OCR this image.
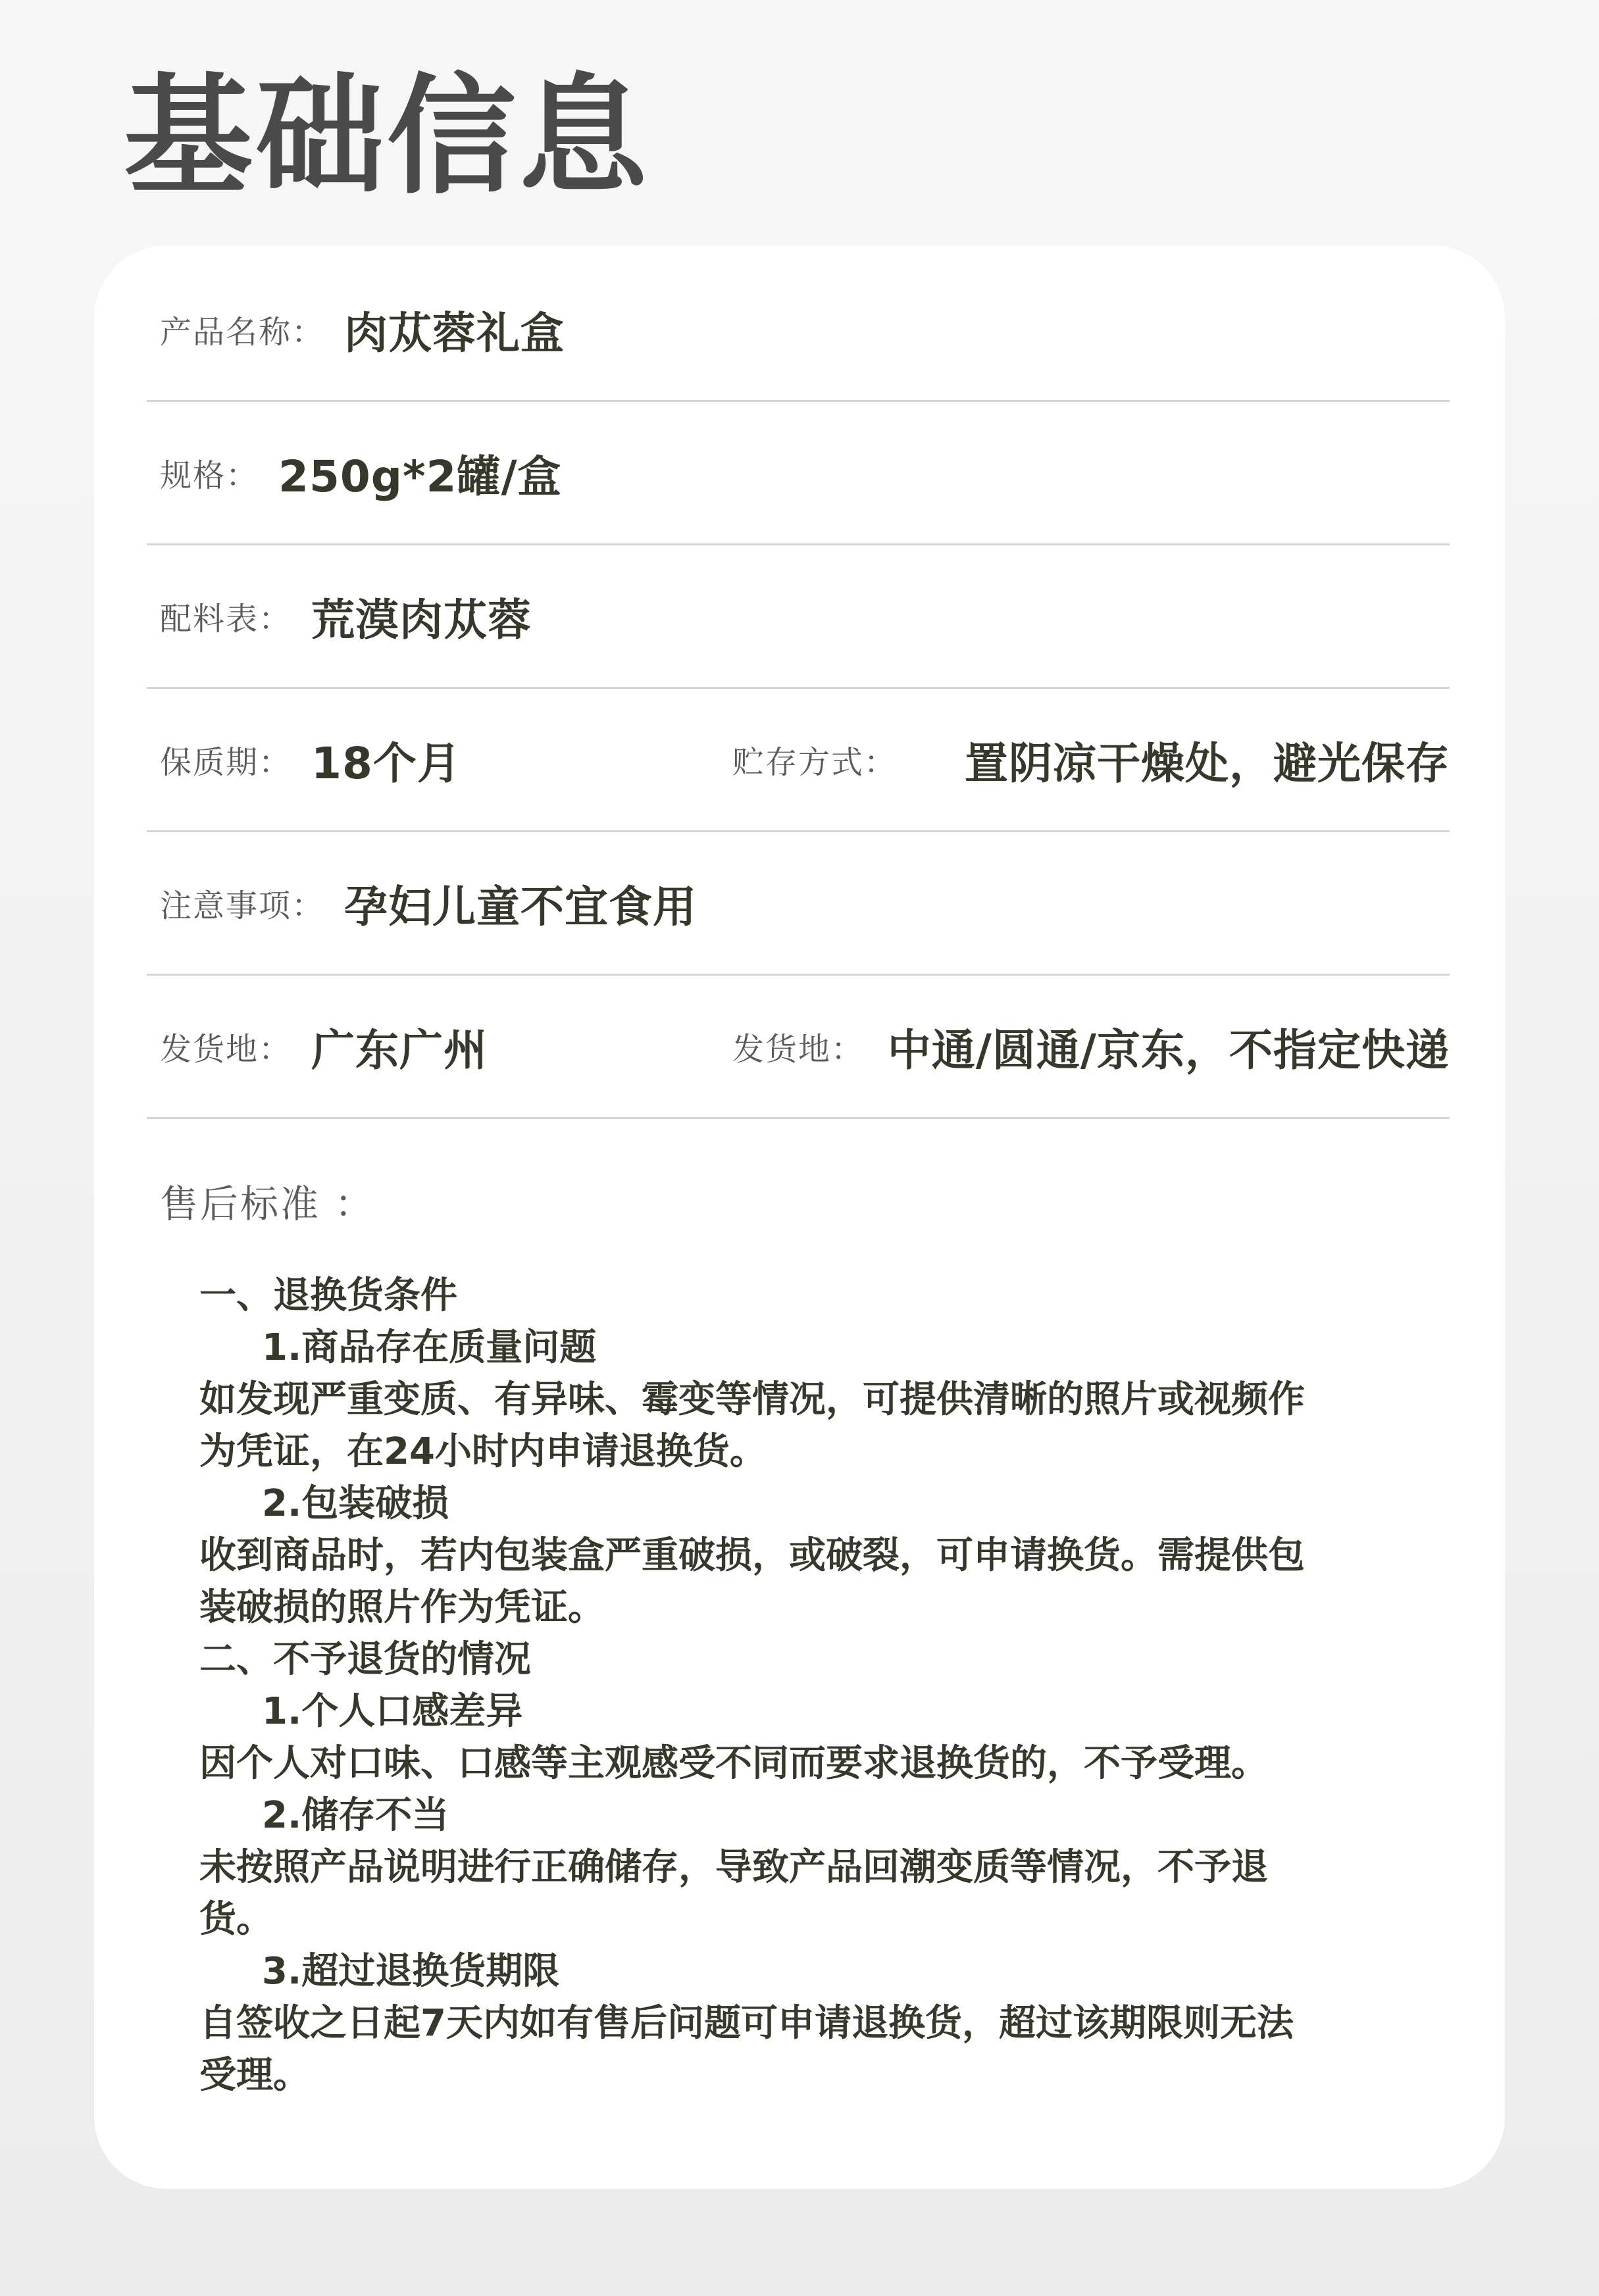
基础信息
产品名称： 肉苁蓉礼盒
规格： 250g*2罐/盒
配料表： 荒漠肉苁蓉
保质期： 18个月	贮存方式： 置阴凉干燥处，避光保存
注意事项： 孕妇儿童不宜食用
发货地： 广东广州	发货地： 中通/圆通/京东，不指定快递
售后标准 ：
一、退换货条件
1.商品存在质量问题
如发现严重变质、有异味、霉变等情况，可提供清晰的照片或视频作
为凭证，在24小时内申请退换货。
2.包装破损
收到商品时，若内包装盒严重破损，或破裂，可申请换货。需提供包
装破损的照片作为凭证。
二、不予退货的情况
1.个人口感差异
因个人对口味、口感等主观感受不同而要求退换货的，不予受理。
2.储存不当
未按照产品说明进行正确储存，导致产品回潮变质等情况，不予退
货。
3.超过退换货期限
自签收之日起7天内如有售后问题可申请退换货，超过该期限则无法
受理。
